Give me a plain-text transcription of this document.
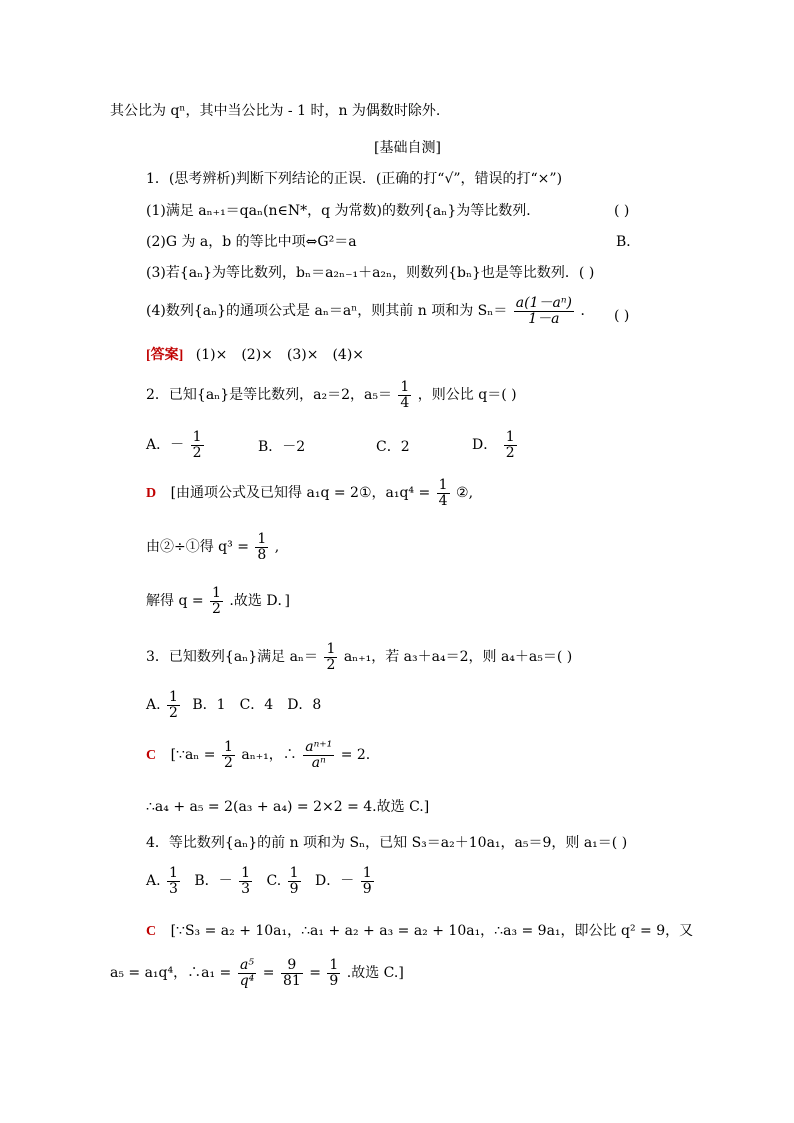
其公比为 qⁿ，其中当公比为 - 1 时，n 为偶数时除外.
[基础自测]
1．(思考辨析)判断下列结论的正误．(正确的打“√”，错误的打“×”)
(1)满足 aₙ₊₁＝qaₙ(n∈N*，q 为常数)的数列{aₙ}为等比数列．	( )
(2)G 为 a，b 的等比中项⇔G²＝a	B．
(3)若{aₙ}为等比数列，bₙ＝a₂ₙ₋₁＋a₂ₙ，则数列{bₙ}也是等比数列．( )
(4)数列{aₙ}的通项公式是 aₙ＝aⁿ，则其前 n 项和为 $S_n= \frac{\text{a(1－aⁿ)}}{1-a}$ ． ( )
[答案] (1)×　(2)×　(3)×　(4)×
2．已知{aₙ}是等比数列，a₂＝2，$a_5= \frac{1}{4}$ ，则公比 q＝( )
A．－ $\frac{1}{2}$	B．－2	C．2	D． $\frac{1}{2}$
D [由通项公式及已知得 a₁q = 2①，$a_1q^4 = \frac{1}{4}$ ②,
由②÷①得 $q^3 = \frac{1}{8}$ ,
解得 $q = \frac{1}{2}$ .故选 D．]
3．已知数列{aₙ}满足 $a_n= \frac{1}{2} a_{n+1}$，若 a₃＋a₄＝2，则 a₄＋a₅＝( )
A. $\frac{1}{2}$ B．1　C．4　D．8
C [∵aₙ = $\frac{1}{2} a_{n+1}$，∴ $\frac{\text{aⁿ⁺¹}}{\text{aⁿ}} = 2$.
∴a₄ + a₅ = 2(a₃ + a₄) = 2×2 = 4.故选 C.]
4．等比数列{aₙ}的前 n 项和为 Sₙ，已知 S₃＝a₂＋10a₁，a₅＝9，则 a₁＝( )
A. $\frac{1}{3}$ B．－ $\frac{1}{3} C$. $\frac{1}{9}$ D．－ $\frac{1}{9}$
C [∵S₃ = a₂ + 10a₁，∴a₁ + a₂ + a₃ = a₂ + 10a₁，∴a₃ = 9a₁，即公比 q² = 9，又
a₅ = a₁q⁴，∴a₁ = $\frac{\text{a⁵}}{\text{q⁴}} = \frac{9}{81} = \frac{1}{9}$ .故选 C.]
